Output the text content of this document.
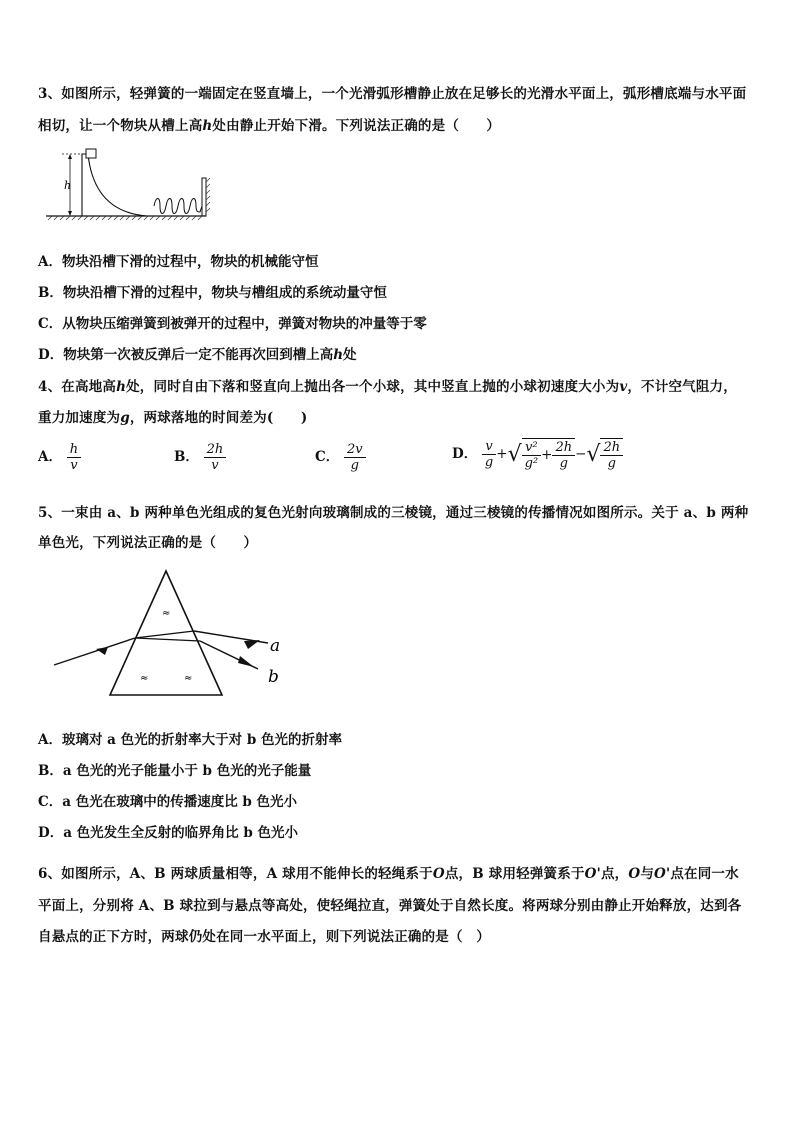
3、如图所示，轻弹簧的一端固定在竖直墙上，一个光滑弧形槽静止放在足够长的光滑水平面上，弧形槽底端与水平面
相切，让一个物块从槽上高h处由静止开始下滑。下列说法正确的是（　　）
h
A．物块沿槽下滑的过程中，物块的机械能守恒
B．物块沿槽下滑的过程中，物块与槽组成的系统动量守恒
C．从物块压缩弹簧到被弹开的过程中，弹簧对物块的冲量等于零
D．物块第一次被反弹后一定不能再次回到槽上高h处
4、在高地高h处，同时自由下落和竖直向上抛出各一个小球，其中竖直上抛的小球初速度大小为v，不计空气阻力，
重力加速度为g，两球落地的时间差为(　　)
A． $\frac{h}{v}$	B． $\frac{2h}{v}$	C． $\frac{2v}{g}$	D． $\frac{v}{g}$ +√ $\frac{\text{v²}}{\text{g²}} + \frac{2h}{g}$ −√ $\frac{2h}{g}$
5、一束由 a、b 两种单色光组成的复色光射向玻璃制成的三棱镜，通过三棱镜的传播情况如图所示。关于 a、b 两种
单色光，下列说法正确的是（　　）
a
b
≈
≈	≈
A．玻璃对 a 色光的折射率大于对 b 色光的折射率
B．a 色光的光子能量小于 b 色光的光子能量
C．a 色光在玻璃中的传播速度比 b 色光小
D．a 色光发生全反射的临界角比 b 色光小
6、如图所示，A、B 两球质量相等，A 球用不能伸长的轻绳系于O点，B 球用轻弹簧系于O'点，O与O'点在同一水
平面上，分别将 A、B 球拉到与悬点等高处，使轻绳拉直，弹簧处于自然长度。将两球分别由静止开始释放，达到各
自悬点的正下方时，两球仍处在同一水平面上，则下列说法正确的是（　）
